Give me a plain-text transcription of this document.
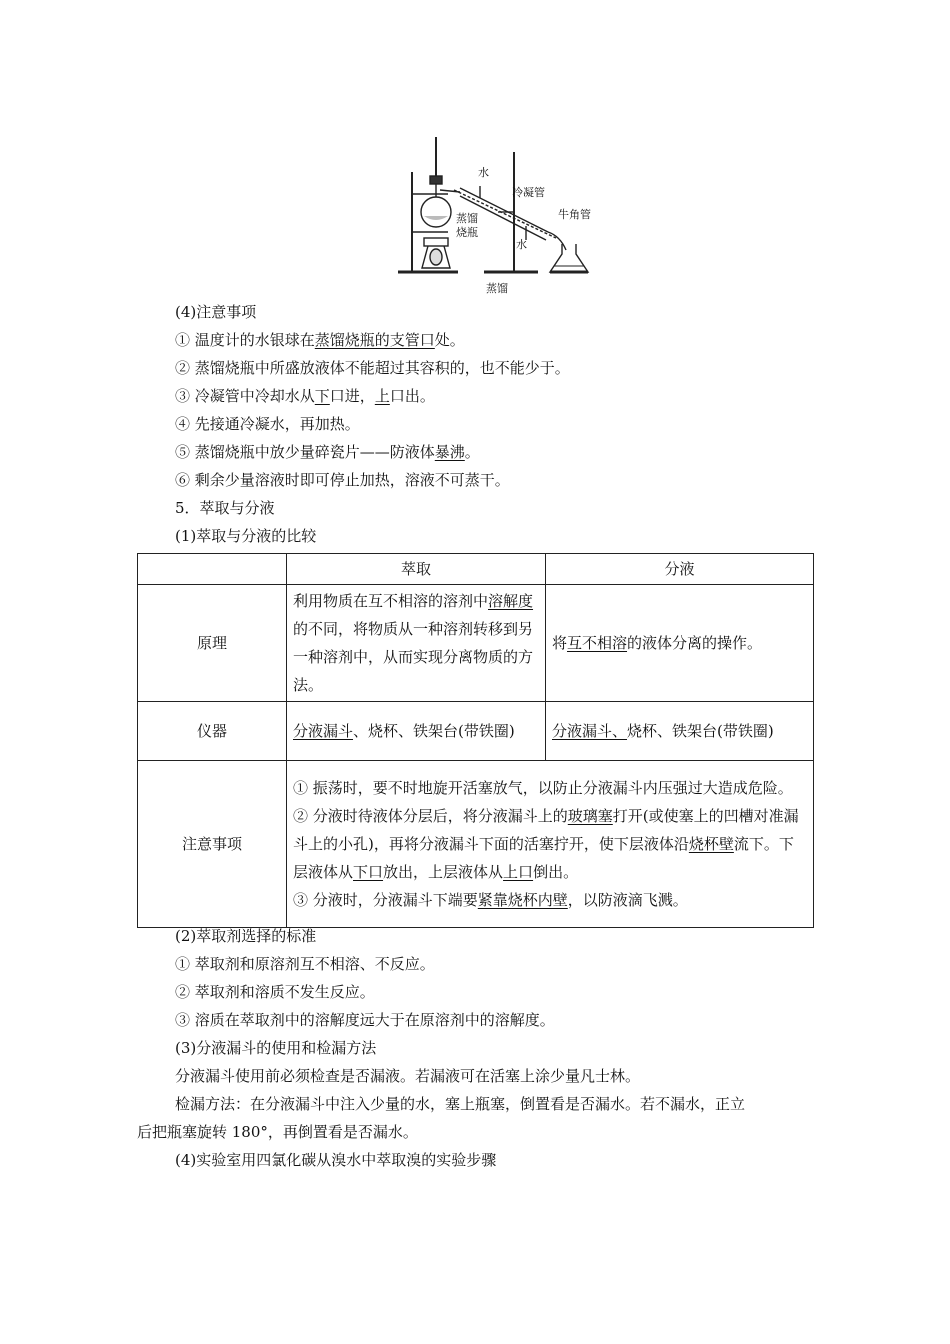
水
冷凝管
蒸馏
烧瓶
牛角管
水
蒸馏
(4)注意事项
① 温度计的水银球在蒸馏烧瓶的支管口处。
② 蒸馏烧瓶中所盛放液体不能超过其容积的，也不能少于。
③ 冷凝管中冷却水从下口进，上口出。
④ 先接通冷凝水，再加热。
⑤ 蒸馏烧瓶中放少量碎瓷片——防液体暴沸。
⑥ 剩余少量溶液时即可停止加热，溶液不可蒸干。
5．萃取与分液
(1)萃取与分液的比较
	萃取	分液
原理	利用物质在互不相溶的溶剂中溶解度的不同，将物质从一种溶剂转移到另一种溶剂中，从而实现分离物质的方法。	将互不相溶的液体分离的操作。
仪器	分液漏斗、烧杯、铁架台(带铁圈)	分液漏斗、烧杯、铁架台(带铁圈)
注意事项	① 振荡时，要不时地旋开活塞放气，以防止分液漏斗内压强过大造成危险。
② 分液时待液体分层后，将分液漏斗上的玻璃塞打开(或使塞上的凹槽对准漏斗上的小孔)，再将分液漏斗下面的活塞拧开，使下层液体沿烧杯壁流下。下层液体从下口放出，上层液体从上口倒出。
③ 分液时，分液漏斗下端要紧靠烧杯内壁，以防液滴飞溅。	
(2)萃取剂选择的标准
① 萃取剂和原溶剂互不相溶、不反应。
② 萃取剂和溶质不发生反应。
③ 溶质在萃取剂中的溶解度远大于在原溶剂中的溶解度。
(3)分液漏斗的使用和检漏方法
分液漏斗使用前必须检查是否漏液。若漏液可在活塞上涂少量凡士林。
检漏方法：在分液漏斗中注入少量的水，塞上瓶塞，倒置看是否漏水。若不漏水，正立
后把瓶塞旋转 180°，再倒置看是否漏水。
(4)实验室用四氯化碳从溴水中萃取溴的实验步骤
